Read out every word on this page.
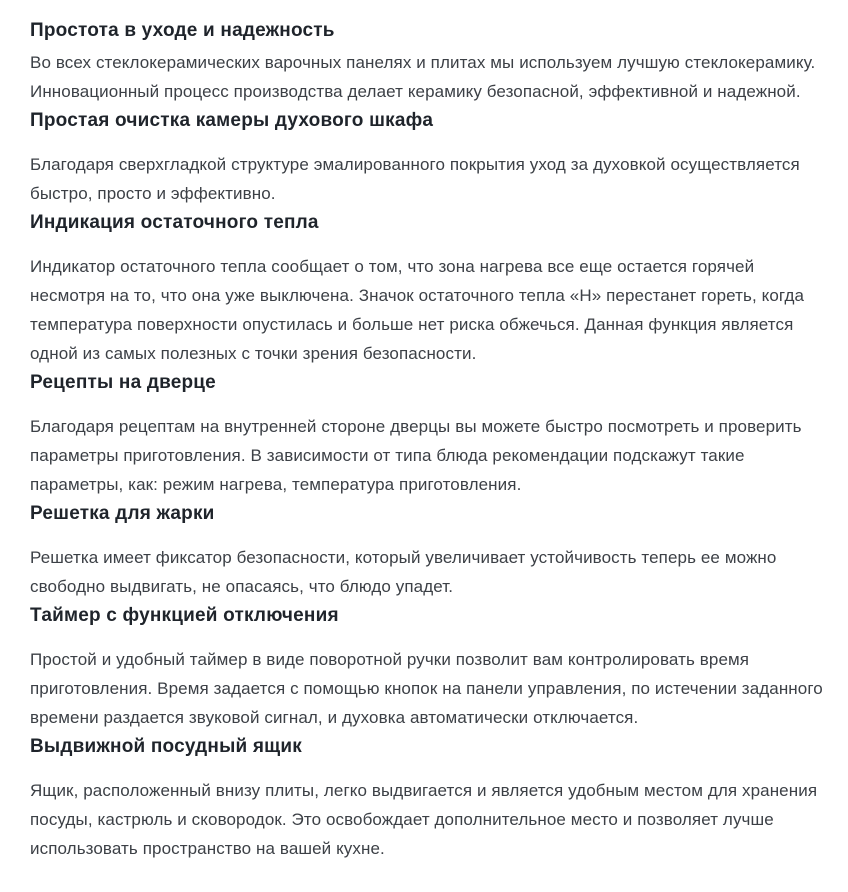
Простота в уходе и надежность

Во всех стеклокерамических варочных панелях и плитах мы используем лучшую стеклокерамику. Инновационный процесс производства делает керамику безопасной, эффективной и надежной.

Простая очистка камеры духового шкафа

Благодаря сверхгладкой структуре эмалированного покрытия уход за духовкой осуществляется быстро, просто и эффективно.

Индикация остаточного тепла

Индикатор остаточного тепла сообщает о том, что зона нагрева все еще остается горячей несмотря на то, что она уже выключена. Значок остаточного тепла «H» перестанет гореть, когда температура поверхности опустилась и больше нет риска обжечься. Данная функция является одной из самых полезных с точки зрения безопасности.

Рецепты на дверце

Благодаря рецептам на внутренней стороне дверцы вы можете быстро посмотреть и проверить параметры приготовления. В зависимости от типа блюда рекомендации подскажут такие параметры, как: режим нагрева, температура приготовления.

Решетка для жарки

Решетка имеет фиксатор безопасности, который увеличивает устойчивость теперь ее можно свободно выдвигать, не опасаясь, что блюдо упадет.

Таймер с функцией отключения

Простой и удобный таймер в виде поворотной ручки позволит вам контролировать время приготовления. Время задается с помощью кнопок на панели управления, по истечении заданного времени раздается звуковой сигнал, и духовка автоматически отключается.

Выдвижной посудный ящик

Ящик, расположенный внизу плиты, легко выдвигается и является удобным местом для хранения посуды, кастрюль и сковородок. Это освобождает дополнительное место и позволяет лучше использовать пространство на вашей кухне.
